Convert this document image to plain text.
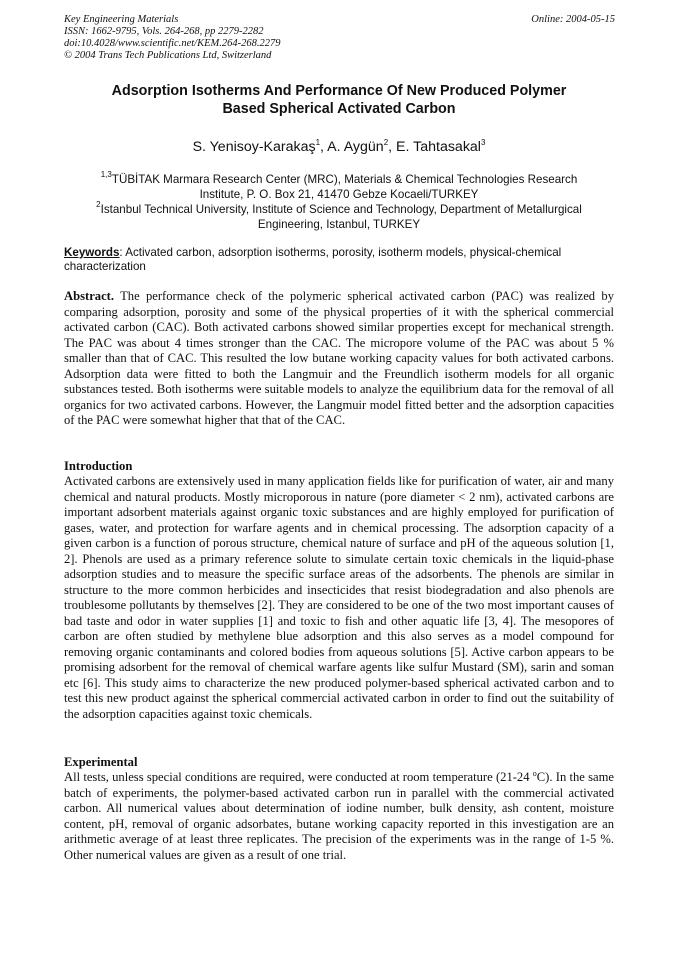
Key Engineering Materials
ISSN: 1662-9795, Vols. 264-268, pp 2279-2282
doi:10.4028/www.scientific.net/KEM.264-268.2279
© 2004 Trans Tech Publications Ltd, Switzerland
Online: 2004-05-15
Adsorption Isotherms And Performance Of New Produced Polymer
Based Spherical Activated Carbon
S. Yenisoy-Karakaş$^1$, A. Aygün$^2$, E. Tahtasakal$^3$
$^{1,3}$TÜBİTAK Marmara Research Center (MRC), Materials & Chemical Technologies Research
Institute, P. O. Box 21, 41470 Gebze Kocaeli/TURKEY
$^2$Istanbul Technical University, Institute of Science and Technology, Department of Metallurgical
Engineering, Istanbul, TURKEY
Keywords: Activated carbon, adsorption isotherms, porosity, isotherm models, physical-chemical characterization
Abstract. The performance check of the polymeric spherical activated carbon (PAC) was realized by comparing adsorption, porosity and some of the physical properties of it with the spherical commercial activated carbon (CAC). Both activated carbons showed similar properties except for mechanical strength. The PAC was about 4 times stronger than the CAC. The micropore volume of the PAC was about 5 % smaller than that of CAC. This resulted the low butane working capacity values for both activated carbons. Adsorption data were fitted to both the Langmuir and the Freundlich isotherm models for all organic substances tested. Both isotherms were suitable models to analyze the equilibrium data for the removal of all organics for two activated carbons. However, the Langmuir model fitted better and the adsorption capacities of the PAC were somewhat higher that that of the CAC.
Introduction
Activated carbons are extensively used in many application fields like for purification of water, air and many chemical and natural products. Mostly microporous in nature (pore diameter < 2 nm), activated carbons are important adsorbent materials against organic toxic substances and are highly employed for purification of gases, water, and protection for warfare agents and in chemical processing. The adsorption capacity of a given carbon is a function of porous structure, chemical nature of surface and pH of the aqueous solution [1, 2]. Phenols are used as a primary reference solute to simulate certain toxic chemicals in the liquid-phase adsorption studies and to measure the specific surface areas of the adsorbents. The phenols are similar in structure to the more common herbicides and insecticides that resist biodegradation and also phenols are troublesome pollutants by themselves [2]. They are considered to be one of the two most important causes of bad taste and odor in water supplies [1] and toxic to fish and other aquatic life [3, 4]. The mesopores of carbon are often studied by methylene blue adsorption and this also serves as a model compound for removing organic contaminants and colored bodies from aqueous solutions [5]. Active carbon appears to be promising adsorbent for the removal of chemical warfare agents like sulfur Mustard (SM), sarin and soman etc [6]. This study aims to characterize the new produced polymer-based spherical activated carbon and to test this new product against the spherical commercial activated carbon in order to find out the suitability of the adsorption capacities against toxic chemicals.
Experimental
All tests, unless special conditions are required, were conducted at room temperature (21-24 $^o$C). In the same batch of experiments, the polymer-based activated carbon run in parallel with the commercial activated carbon. All numerical values about determination of iodine number, bulk density, ash content, moisture content, pH, removal of organic adsorbates, butane working capacity reported in this investigation are an arithmetic average of at least three replicates. The precision of the experiments was in the range of 1-5 %. Other numerical values are given as a result of one trial.
